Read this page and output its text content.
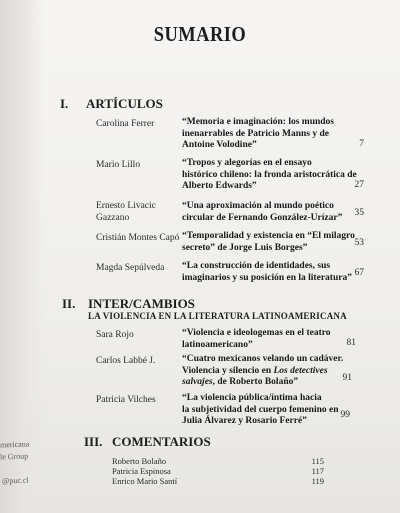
mericana
le Group
@puc.cl
SUMARIO
I. ARTÍCULOS
Carolina Ferrer	“Memoria e imaginación: los mundos
inenarrables de Patricio Manns y de
Antoine Volodine”	7
Mario Lillo	“Tropos y alegorías en el ensayo
histórico chileno: la fronda aristocrática de
Alberto Edwards”	27
Ernesto Livacic
Gazzano
“Una aproximación al mundo poético
circular de Fernando González-Urízar”	35
Cristián Montes Capó “Temporalidad y existencia en “El milagro
secreto” de Jorge Luis Borges”	53
Magda Sepúlveda “La construcción de identidades, sus
imaginarios y su posición en la literatura” 67
II. INTER/CAMBIOS
LA VIOLENCIA EN LA LITERATURA LATINOAMERICANA
Sara Rojo	“Violencia e ideologemas en el teatro
latinoamericano”	81
Carlos Labbé J.	“Cuatro mexicanos velando un cadáver.
Violencia y silencio en Los detectives
salvajes, de Roberto Bolaño”	91
Patricia Vilches	“La violencia pública/íntima hacia
la subjetividad del cuerpo femenino en
Julia Álvarez y Rosario Ferré”
99
III. COMENTARIOS
Roberto Bolaño	115
Patricia Espinosa	117
Enrico Mario Santí	119
